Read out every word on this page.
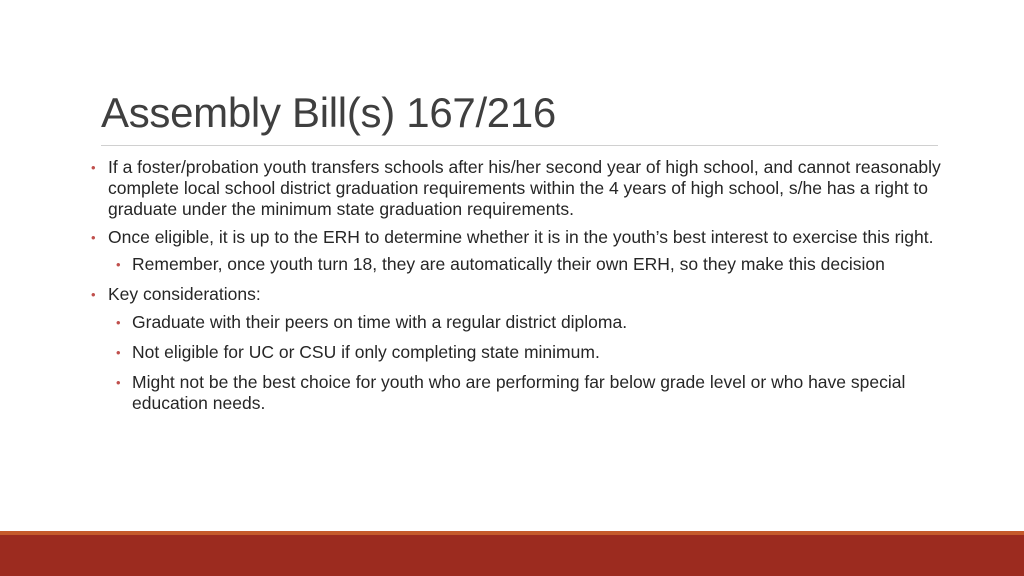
Assembly Bill(s) 167/216
• If a foster/probation youth transfers schools after his/her second year of high school, and cannot reasonably complete local school district graduation requirements within the 4 years of high school, s/he has a right to graduate under the minimum state graduation requirements.
• Once eligible, it is up to the ERH to determine whether it is in the youth’s best interest to exercise this right.
• Remember, once youth turn 18, they are automatically their own ERH, so they make this decision
• Key considerations:
• Graduate with their peers on time with a regular district diploma.
• Not eligible for UC or CSU if only completing state minimum.
• Might not be the best choice for youth who are performing far below grade level or who have special education needs.
